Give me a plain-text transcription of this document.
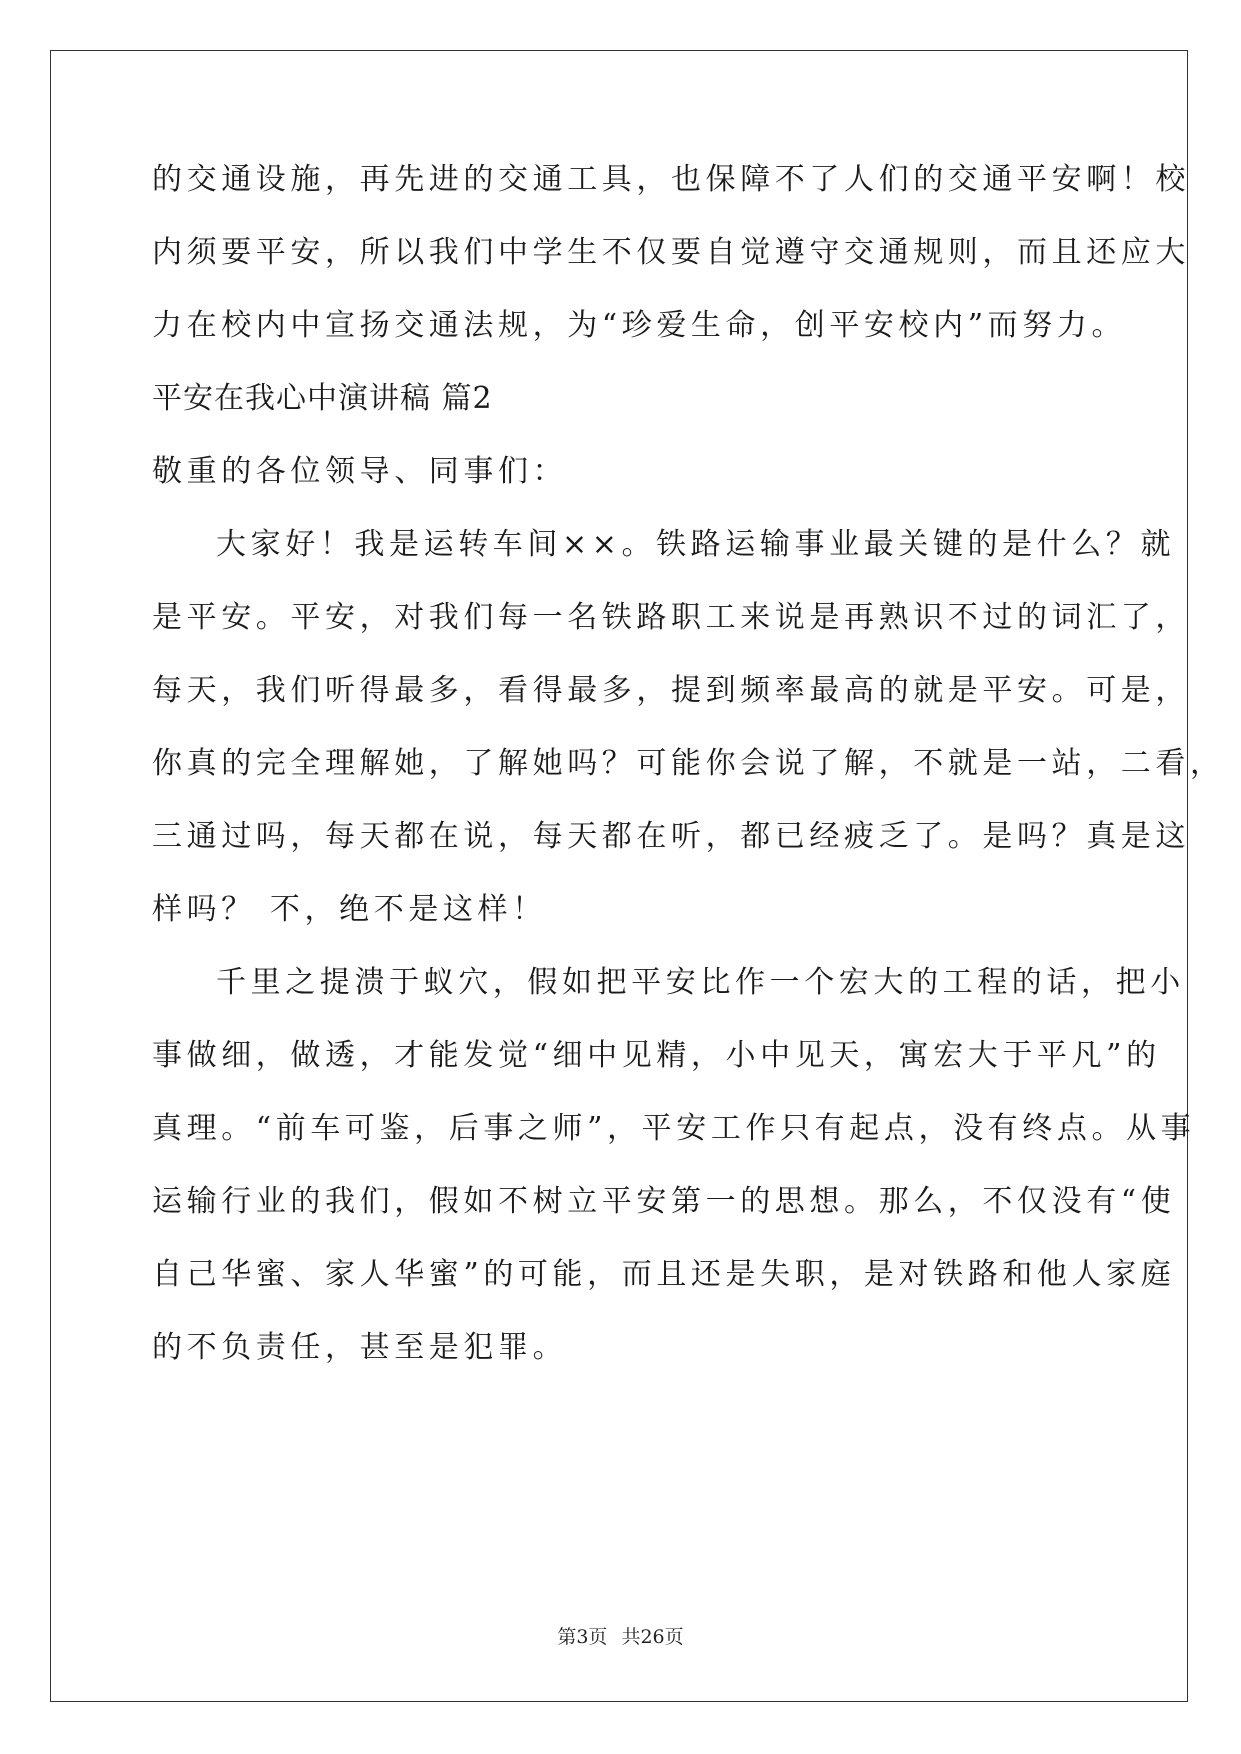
的交通设施，再先进的交通工具，也保障不了人们的交通平安啊！校
内须要平安，所以我们中学生不仅要自觉遵守交通规则，而且还应大
力在校内中宣扬交通法规，为“珍爱生命，创平安校内”而努力。
平安在我心中演讲稿 篇2
敬重的各位领导、同事们：
大家好！我是运转车间××。铁路运输事业最关键的是什么？就
是平安。平安，对我们每一名铁路职工来说是再熟识不过的词汇了，
每天，我们听得最多，看得最多，提到频率最高的就是平安。可是，
你真的完全理解她，了解她吗？可能你会说了解，不就是一站，二看，
三通过吗，每天都在说，每天都在听，都已经疲乏了。是吗？真是这
样吗？ 不，绝不是这样！
千里之提溃于蚁穴，假如把平安比作一个宏大的工程的话，把小
事做细，做透，才能发觉“细中见精，小中见天，寓宏大于平凡”的
真理。“前车可鉴，后事之师”，平安工作只有起点，没有终点。从事
运输行业的我们，假如不树立平安第一的思想。那么，不仅没有“使
自己华蜜、家人华蜜”的可能，而且还是失职，是对铁路和他人家庭
的不负责任，甚至是犯罪。
第3页 共26页
